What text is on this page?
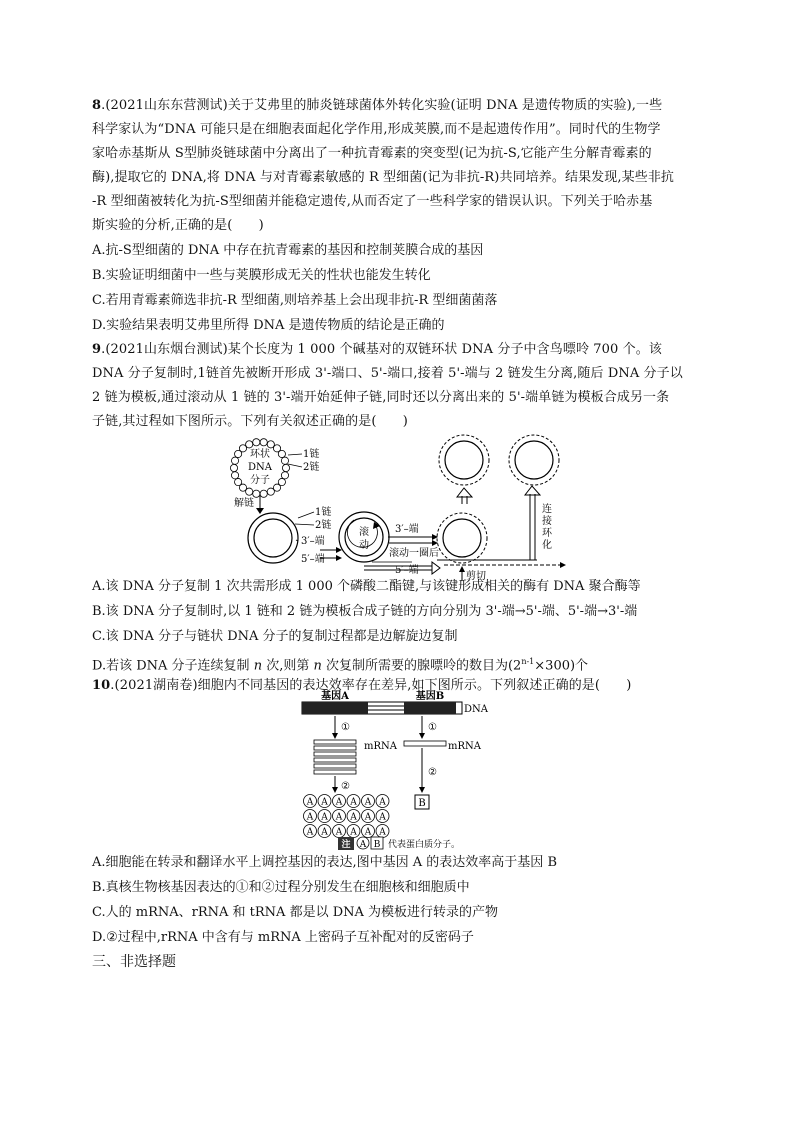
8.(2021山东东营测试)关于艾弗里的肺炎链球菌体外转化实验(证明 DNA 是遗传物质的实验),一些
科学家认为“DNA 可能只是在细胞表面起化学作用,形成荚膜,而不是起遗传作用”。同时代的生物学
家哈赤基斯从 S型肺炎链球菌中分离出了一种抗青霉素的突变型(记为抗-S,它能产生分解青霉素的
酶),提取它的 DNA,将 DNA 与对青霉素敏感的 R 型细菌(记为非抗-R)共同培养。结果发现,某些非抗
-R 型细菌被转化为抗-S型细菌并能稳定遗传,从而否定了一些科学家的错误认识。下列关于哈赤基
斯实验的分析,正确的是(　　)
A.抗-S型细菌的 DNA 中存在抗青霉素的基因和控制荚膜合成的基因
B.实验证明细菌中一些与荚膜形成无关的性状也能发生转化
C.若用青霉素筛选非抗-R 型细菌,则培养基上会出现非抗-R 型细菌菌落
D.实验结果表明艾弗里所得 DNA 是遗传物质的结论是正确的
9.(2021山东烟台测试)某个长度为 1 000 个碱基对的双链环状 DNA 分子中含鸟嘌呤 700 个。该
DNA 分子复制时,1链首先被断开形成 3'-端口、5'-端口,接着 5'-端与 2 链发生分离,随后 DNA 分子以
2 链为模板,通过滚动从 1 链的 3'-端开始延伸子链,同时还以分离出来的 5'-端单链为模板合成另一条
子链,其过程如下图所示。下列有关叙述正确的是(　　)
环状
DNA
分子
1链
2链
解链
1链
2链
3′–端
5′–端
滚
动
3′–端
滚动一圈后
5′–端
剪切
连
接
环
化
A.该 DNA 分子复制 1 次共需形成 1 000 个磷酸二酯键,与该键形成相关的酶有 DNA 聚合酶等
B.该 DNA 分子复制时,以 1 链和 2 链为模板合成子链的方向分别为 3'-端→5'-端、5'-端→3'-端
C.该 DNA 分子与链状 DNA 分子的复制过程都是边解旋边复制
D.若该 DNA 分子连续复制 n 次,则第 n 次复制所需要的腺嘌呤的数目为$(2^{n-1}\times 300)$个
10.(2021湖南卷)细胞内不同基因的表达效率存在差异,如下图所示。下列叙述正确的是(　　)
基因A	基因B
DNA
①	①
mRNA	mRNA
②
②
A A A A A A
A A A A A A
A A A A A A
B
注 A B 代表蛋白质分子。
A.细胞能在转录和翻译水平上调控基因的表达,图中基因 A 的表达效率高于基因 B
B.真核生物核基因表达的①和②过程分别发生在细胞核和细胞质中
C.人的 mRNA、rRNA 和 tRNA 都是以 DNA 为模板进行转录的产物
D.②过程中,rRNA 中含有与 mRNA 上密码子互补配对的反密码子
三、非选择题
